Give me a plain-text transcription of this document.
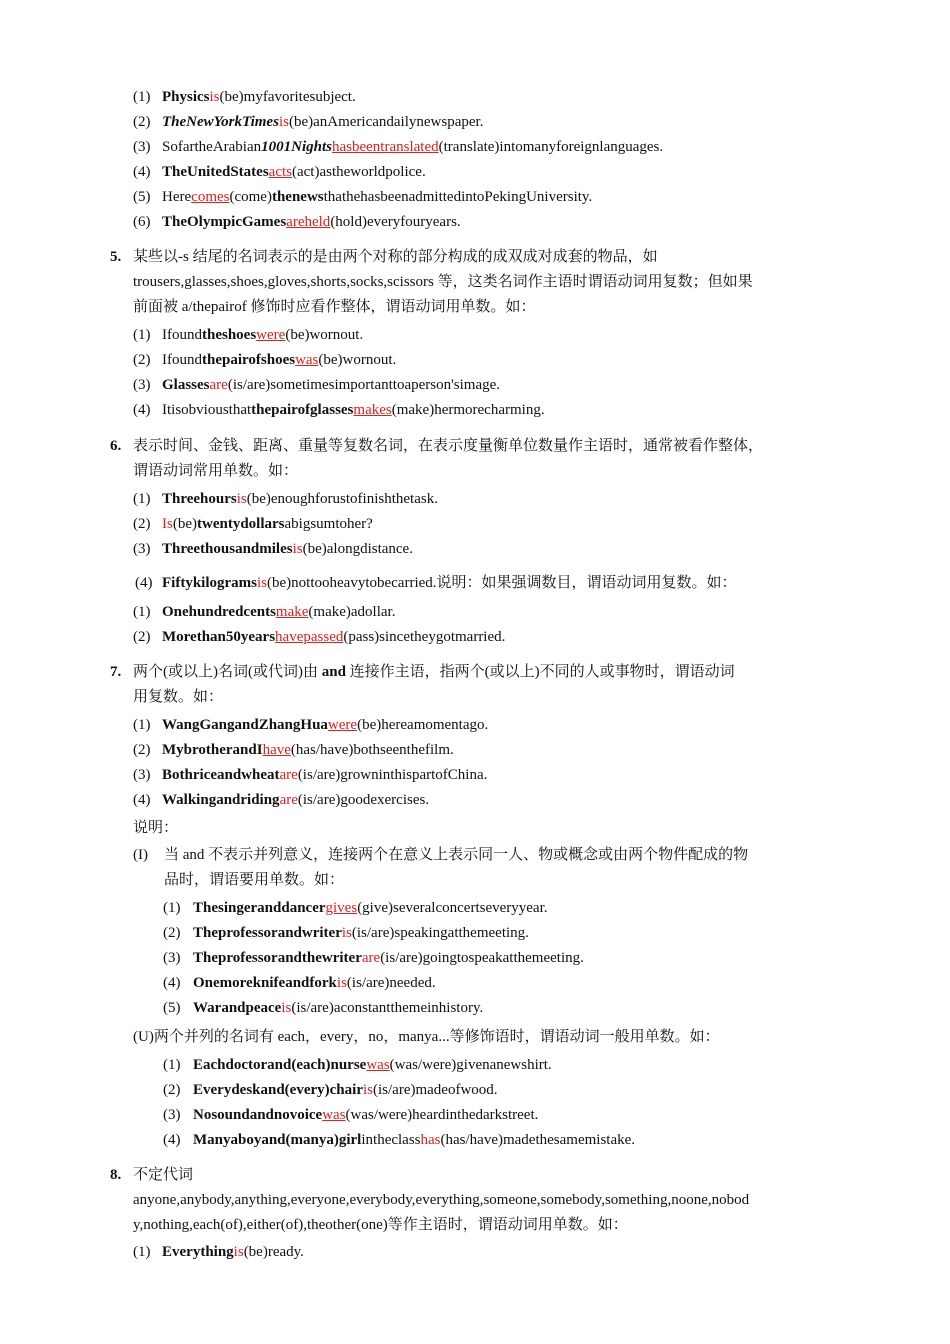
(1) Physicsis(be)myfavoritesubject.
(2) TheNewYorkTimesis(be)anAmericandailynewspaper.
(3) SofartheArabian1001Nightshasbeentranslated(translate)intomanyforeignlanguages.
(4) TheUnitedStatesacts(act)astheworldpolice.
(5) Herecomes(come)thenewsthathehasbeenadmittedintoPekingUniversity.
(6) TheOlympicGamesareheld(hold)everyfouryears.
5. 某些以-s 结尾的名词表示的是由两个对称的部分构成的成双成对成套的物品，如
trousers,glasses,shoes,gloves,shorts,socks,scissors 等，这类名词作主语时谓语动词用复数；但如果
前面被 a/thepairof 修饰时应看作整体，谓语动词用单数。如：
(1) Ifoundtheshoeswere(be)wornout.
(2) Ifoundthepairofshoeswas(be)wornout.
(3) Glassesare(is/are)sometimesimportanttoaperson'simage.
(4) Itisobviousthatthepairofglassesmakes(make)hermorecharming.
6. 表示时间、金钱、距离、重量等复数名词，在表示度量衡单位数量作主语时，通常被看作整体，
谓语动词常用单数。如：
(1) Threehoursis(be)enoughforustofinishthetask.
(2) Is(be)twentydollarsabigsumtoher?
(3) Threethousandmilesis(be)alongdistance.
(4) Fiftykilogramsis(be)nottooheavytobecarried.说明：如果强调数目，谓语动词用复数。如：
(1) Onehundredcentsmake(make)adollar.
(2) Morethan50yearshavepassed(pass)sincetheygotmarried.
7. 两个(或以上)名词(或代词)由 and 连接作主语，指两个(或以上)不同的人或事物时，谓语动词
用复数。如：
(1) WangGangandZhangHuawere(be)hereamomentago.
(2) MybrotherandIhave(has/have)bothseenthefilm.
(3) Bothriceandwheatare(is/are)growninthispartofChina.
(4) Walkingandridingare(is/are)goodexercises.
说明：
(I) 当 and 不表示并列意义，连接两个在意义上表示同一人、物或概念或由两个物件配成的物
品时，谓语要用单数。如：
(1) Thesingeranddancergives(give)severalconcertseveryyear.
(2) Theprofessorandwriteris(is/are)speakingatthemeeting.
(3) Theprofessorandthewriterare(is/are)goingtospeakatthemeeting.
(4) Onemoreknifeandforkis(is/are)needed.
(5) Warandpeaceis(is/are)aconstantthemeinhistory.
(U)两个并列的名词有 each，every，no，manya...等修饰语时，谓语动词一般用单数。如：
(1) Eachdoctorand(each)nursewas(was/were)givenanewshirt.
(2) Everydeskand(every)chairis(is/are)madeofwood.
(3) Nosoundandnovoicewas(was/were)heardinthedarkstreet.
(4) Manyaboyand(manya)girlintheclasshas(has/have)madethesamemistake.
8. 不定代词
anyone,anybody,anything,everyone,everybody,everything,someone,somebody,something,noone,nobod
y,nothing,each(of),either(of),theother(one)等作主语时，谓语动词用单数。如：
(1) Everythingis(be)ready.
